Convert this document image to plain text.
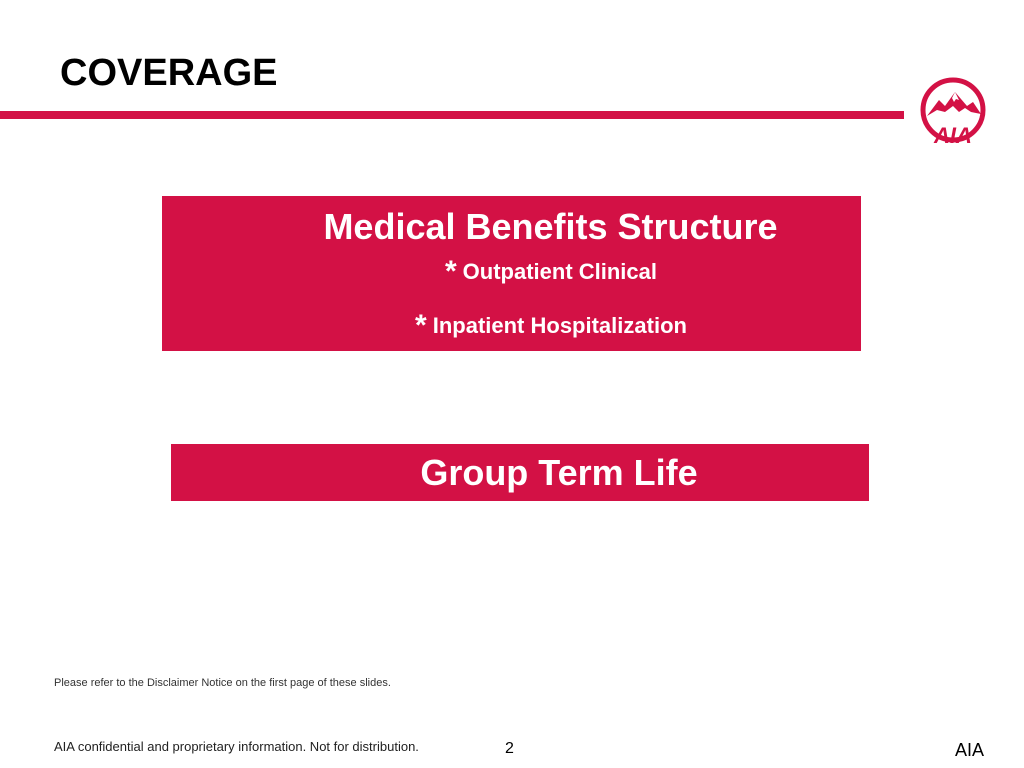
COVERAGE
AIA
Medical Benefits Structure
* Outpatient Clinical
* Inpatient Hospitalization
Group Term Life
Please refer to the Disclaimer Notice on the first page of these slides.
AIA confidential and proprietary information. Not for distribution.	2	AIA
